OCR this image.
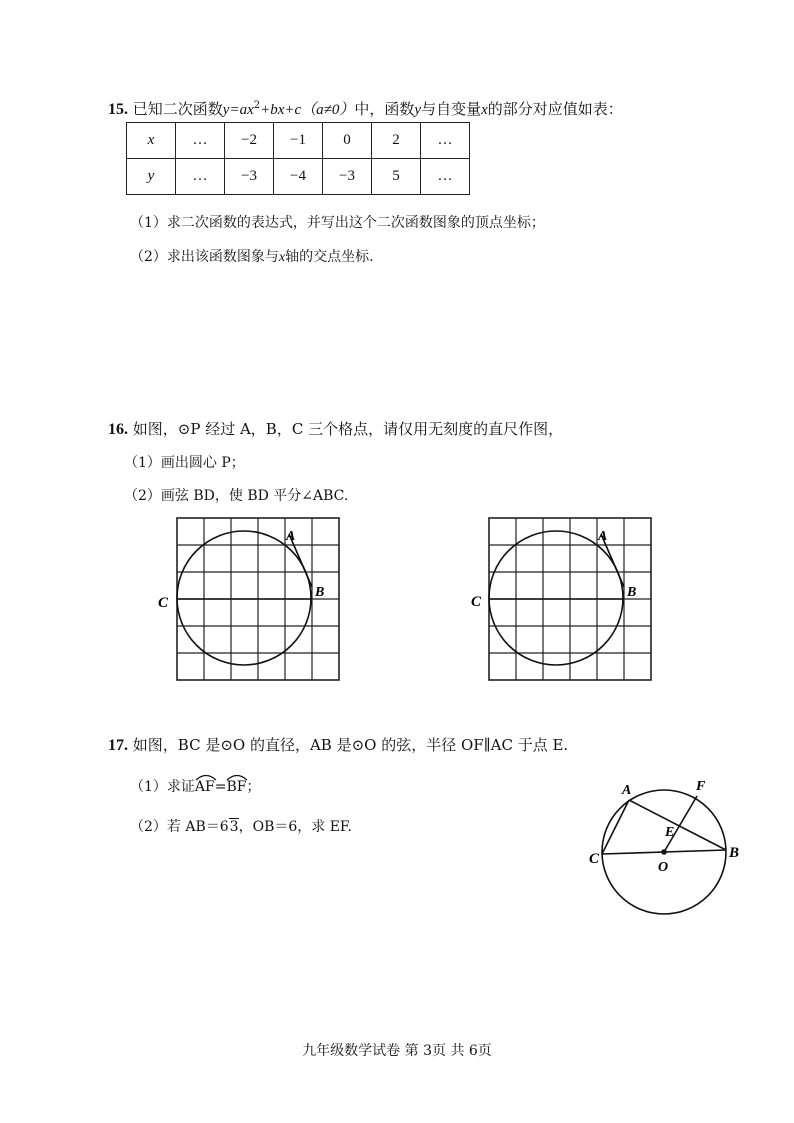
15. 已知二次函数$y=ax^2+bx+c(a\ne 0)$中，函数y与自变量x的部分对应值如表：
x	…	−2	−1	0	2	…
y	…	−3	−4	−3	5	…
（1）求二次函数的表达式，并写出这个二次函数图象的顶点坐标；
（2）求出该函数图象与x轴的交点坐标.
16. 如图，⊙P 经过 A，B，C 三个格点，请仅用无刻度的直尺作图，
（1）画出圆心 P；
（2）画弦 BD，使 BD 平分∠ABC.
A
B
C
A
B
C
17. 如图，BC 是⊙O 的直径，AB 是⊙O 的弦，半径 OF∥AC 于点 E.
（1）求证
AF=
BF；
（2）若 AB＝63，OB＝6，求 EF.
A	F
E
C
O
B
九年级数学试卷 第 3页 共 6页
